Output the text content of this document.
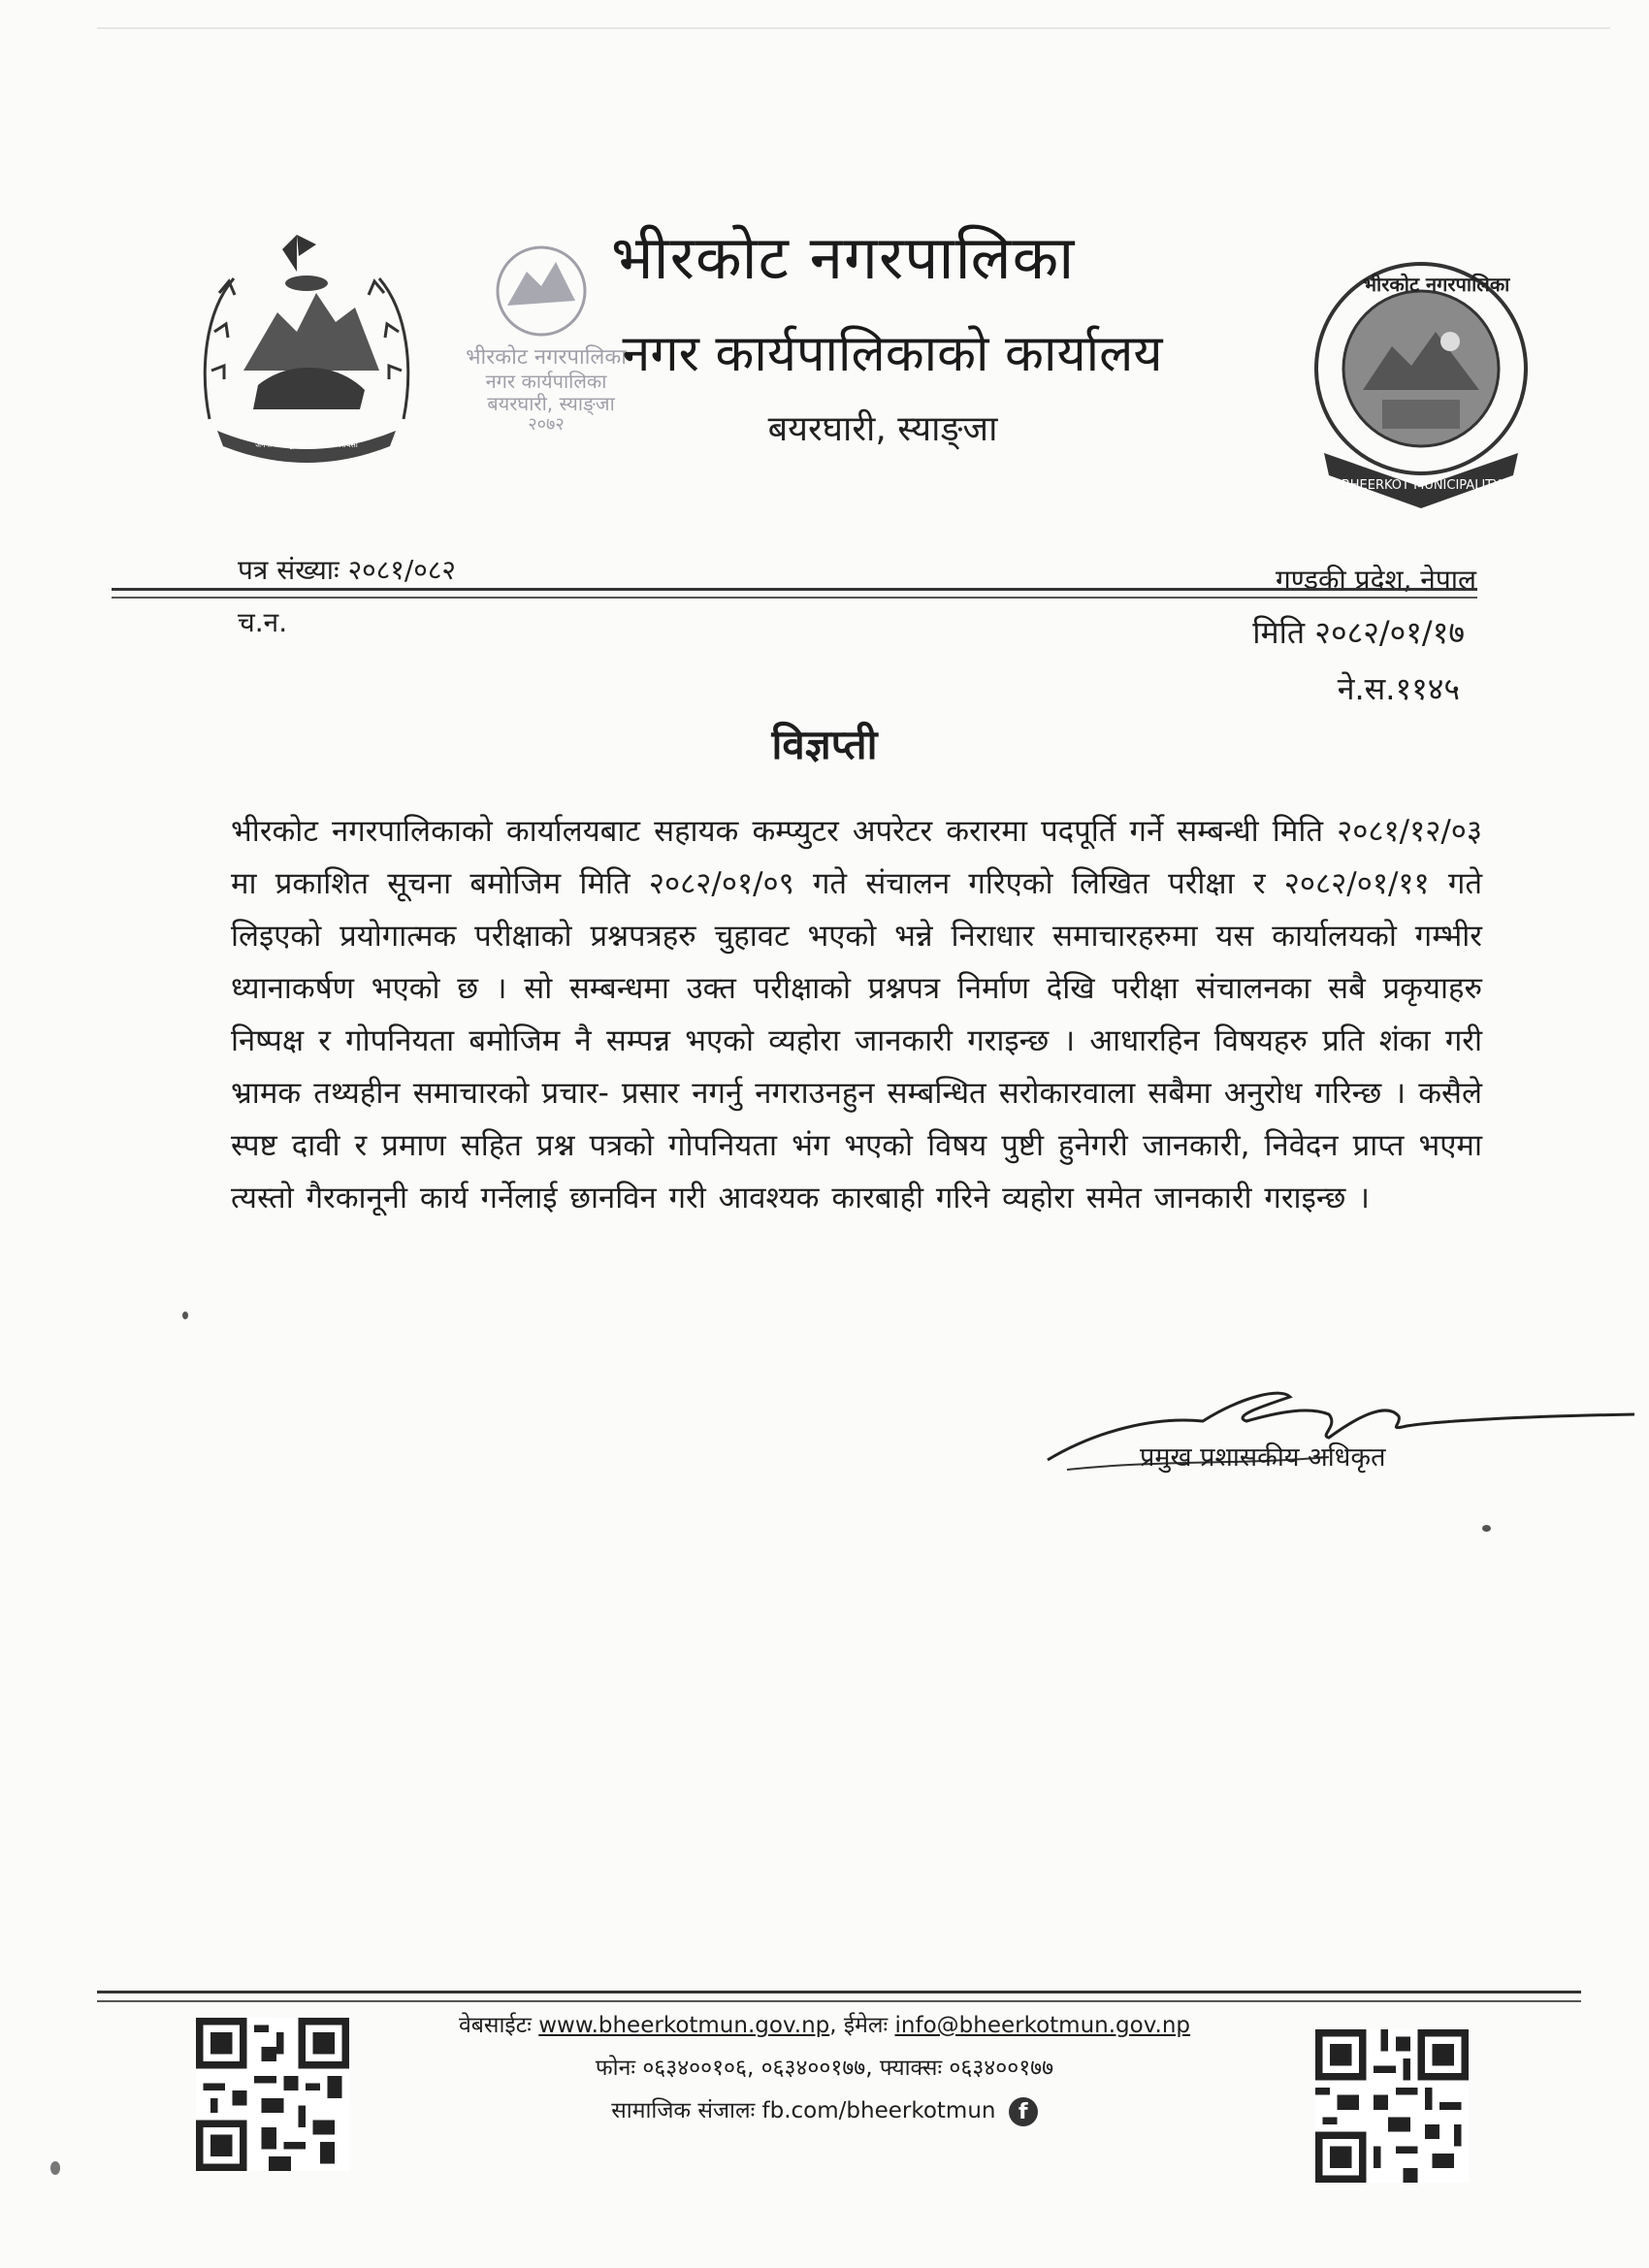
जननी जन्मभूमिश्च स्वर्गादपि गरीयसी
भीरकोट नगरपालिका
नगर कार्यपालिका
बयरघारी, स्याङ्जा
२०७२
भीरकोट नगरपालिका
नगर कार्यपालिकाको कार्यालय
बयरघारी, स्याङ्जा
भीरकोट नगरपालिका
BHEERKOT MUNICIPALITY
पत्र संख्याः २०८१/०८२	गण्डकी प्रदेश, नेपाल
च.न.	मिति २०८२/०१/१७
ने.स.११४५
विज्ञप्ती
भीरकोट नगरपालिकाको कार्यालयबाट सहायक कम्प्युटर अपरेटर करारमा पदपूर्ति गर्ने सम्बन्धी मिति २०८१/१२/०३ मा प्रकाशित सूचना बमोजिम मिति २०८२/०१/०९ गते संचालन गरिएको लिखित परीक्षा र २०८२/०१/११ गते लिइएको प्रयोगात्मक परीक्षाको प्रश्नपत्रहरु चुहावट भएको भन्ने निराधार समाचारहरुमा यस कार्यालयको गम्भीर ध्यानाकर्षण भएको छ । सो सम्बन्धमा उक्त परीक्षाको प्रश्नपत्र निर्माण देखि परीक्षा संचालनका सबै प्रकृयाहरु निष्पक्ष र गोपनियता बमोजिम नै सम्पन्न भएको व्यहोरा जानकारी गराइन्छ । आधारहिन विषयहरु प्रति शंका गरी भ्रामक तथ्यहीन समाचारको प्रचार- प्रसार नगर्नु नगराउनहुन सम्बन्धित सरोकारवाला सबैमा अनुरोध गरिन्छ । कसैले स्पष्ट दावी र प्रमाण सहित प्रश्न पत्रको गोपनियता भंग भएको विषय पुष्टी हुनेगरी जानकारी, निवेदन प्राप्त भएमा त्यस्तो गैरकानूनी कार्य गर्नेलाई छानविन गरी आवश्यक कारबाही गरिने व्यहोरा समेत जानकारी गराइन्छ ।
प्रमुख प्रशासकीय अधिकृत
वेबसाईटः www.bheerkotmun.gov.np, ईमेलः info@bheerkotmun.gov.np
फोनः ०६३४००१०६, ०६३४००१७७, फ्याक्सः ०६३४००१७७
सामाजिक संजालः fb.com/bheerkotmun f
